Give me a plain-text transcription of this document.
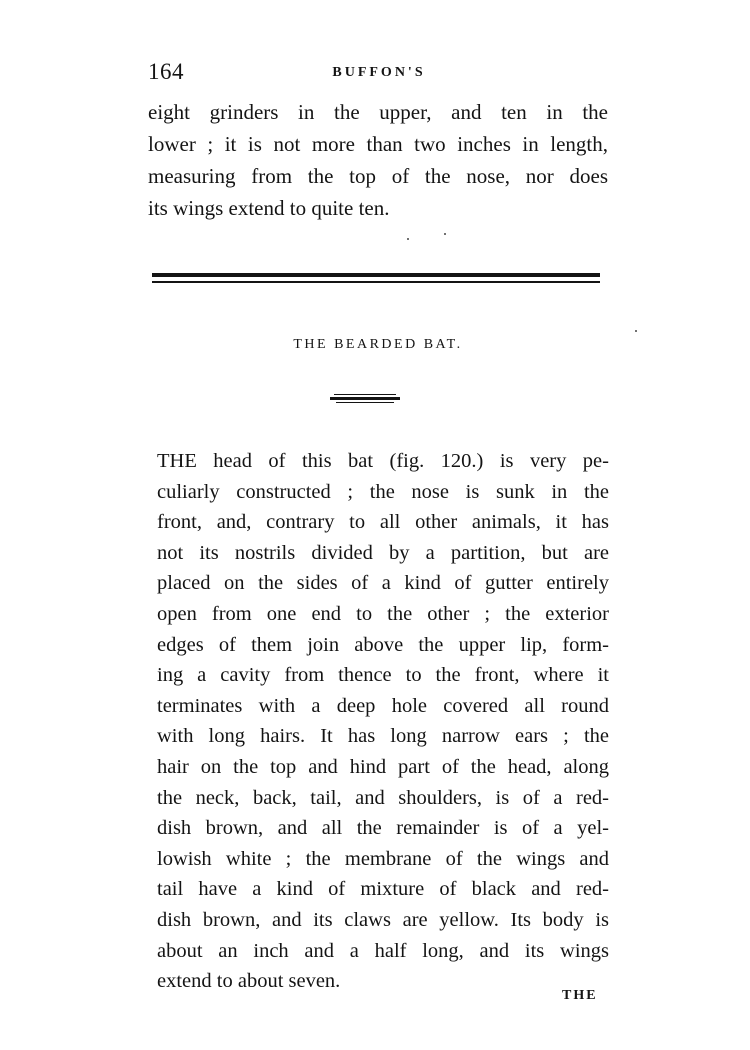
164	BUFFON'S
eight grinders in the upper, and ten in the
lower ; it is not more than two inches in length,
measuring from the top of the nose, nor does
its wings extend to quite ten.
THE BEARDED BAT.
THE head of this bat (fig. 120.) is very pe-
culiarly constructed ; the nose is sunk in the
front, and, contrary to all other animals, it has
not its nostrils divided by a partition, but are
placed on the sides of a kind of gutter entirely
open from one end to the other ; the exterior
edges of them join above the upper lip, form-
ing a cavity from thence to the front, where it
terminates with a deep hole covered all round
with long hairs. It has long narrow ears ; the
hair on the top and hind part of the head, along
the neck, back, tail, and shoulders, is of a red-
dish brown, and all the remainder is of a yel-
lowish white ; the membrane of the wings and
tail have a kind of mixture of black and red-
dish brown, and its claws are yellow. Its body is
about an inch and a half long, and its wings
extend to about seven.
THE
